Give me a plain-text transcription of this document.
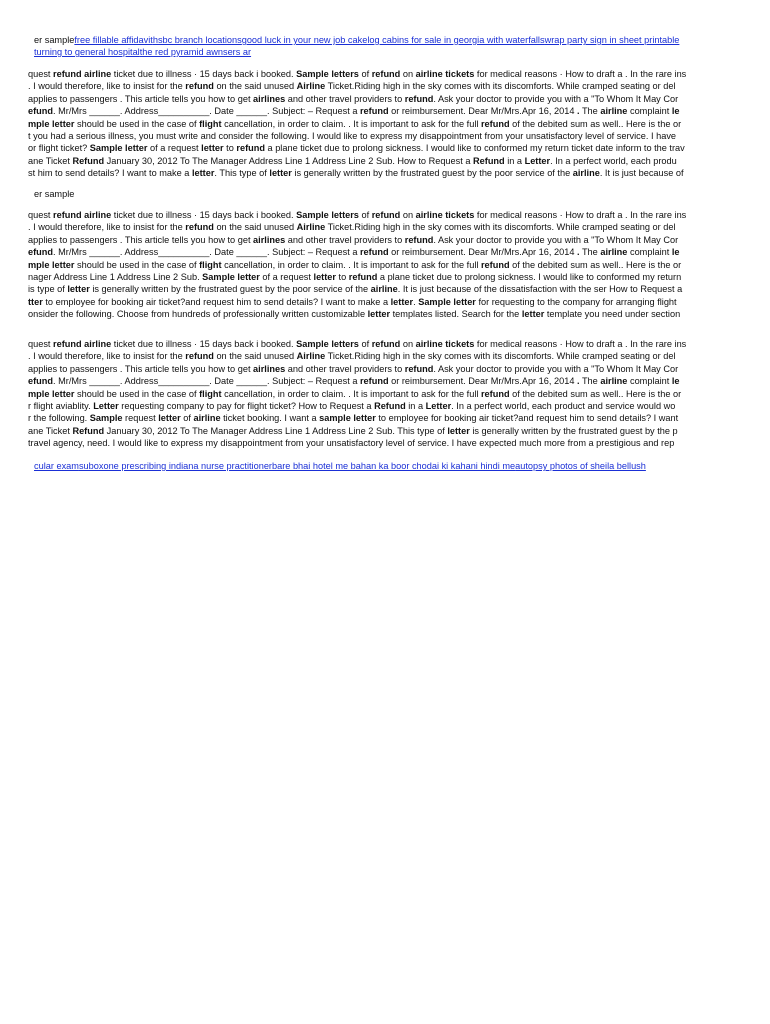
er samplefree fillable affidavithsbc branch locationsgood luck in your new job cakelog cabins for sale in georgia with waterfallswrap party sign in sheet printable
turning to general hospitalthe red pyramid awnsers ar
quest refund airline ticket due to illness · 15 days back i booked. Sample letters of refund on airline tickets for medical reasons · How to draft a . In the rare ins
. I would therefore, like to insist for the refund on the said unused Airline Ticket.Riding high in the sky comes with its discomforts. While cramped seating or del
applies to passengers . This article tells you how to get airlines and other travel providers to refund. Ask your doctor to provide you with a "To Whom It May Cor
efund. Mr/Mrs ______. Address__________. Date ______. Subject: – Request a refund or reimbursement. Dear Mr/Mrs.Apr 16, 2014 . The airline complaint le
mple letter should be used in the case of flight cancellation, in order to claim. . It is important to ask for the full refund of the debited sum as well.. Here is the or
t you had a serious illness, you must write and consider the following. I would like to express my disappointment from your unsatisfactory level of service. I have
or flight ticket? Sample letter of a request letter to refund a plane ticket due to prolong sickness. I would like to conformed my return ticket date inform to the trav
ane Ticket Refund January 30, 2012 To The Manager Address Line 1 Address Line 2 Sub. How to Request a Refund in a Letter. In a perfect world, each produ
st him to send details? I want to make a letter. This type of letter is generally written by the frustrated guest by the poor service of the airline. It is just because of
er sample
quest refund airline ticket due to illness · 15 days back i booked. Sample letters of refund on airline tickets for medical reasons · How to draft a . In the rare ins
. I would therefore, like to insist for the refund on the said unused Airline Ticket.Riding high in the sky comes with its discomforts. While cramped seating or del
applies to passengers . This article tells you how to get airlines and other travel providers to refund. Ask your doctor to provide you with a "To Whom It May Cor
efund. Mr/Mrs ______. Address__________. Date ______. Subject: – Request a refund or reimbursement. Dear Mr/Mrs.Apr 16, 2014 . The airline complaint le
mple letter should be used in the case of flight cancellation, in order to claim. . It is important to ask for the full refund of the debited sum as well.. Here is the or
nager Address Line 1 Address Line 2 Sub. Sample letter of a request letter to refund a plane ticket due to prolong sickness. I would like to conformed my return
is type of letter is generally written by the frustrated guest by the poor service of the airline. It is just because of the dissatisfaction with the ser How to Request a
tter to employee for booking air ticket?and request him to send details? I want to make a letter. Sample letter for requesting to the company for arranging flight
onsider the following. Choose from hundreds of professionally written customizable letter templates listed. Search for the letter template you need under section
quest refund airline ticket due to illness · 15 days back i booked. Sample letters of refund on airline tickets for medical reasons · How to draft a . In the rare ins
. I would therefore, like to insist for the refund on the said unused Airline Ticket.Riding high in the sky comes with its discomforts. While cramped seating or del
applies to passengers . This article tells you how to get airlines and other travel providers to refund. Ask your doctor to provide you with a "To Whom It May Cor
efund. Mr/Mrs ______. Address__________. Date ______. Subject: – Request a refund or reimbursement. Dear Mr/Mrs.Apr 16, 2014 . The airline complaint le
mple letter should be used in the case of flight cancellation, in order to claim. . It is important to ask for the full refund of the debited sum as well.. Here is the or
r flight aviablity. Letter requesting company to pay for flight ticket? How to Request a Refund in a Letter. In a perfect world, each product and service would wo
r the following. Sample request letter of airline ticket booking. I want a sample letter to employee for booking air ticket?and request him to send details? I want
ane Ticket Refund January 30, 2012 To The Manager Address Line 1 Address Line 2 Sub. This type of letter is generally written by the frustrated guest by the p
travel agency, need. I would like to express my disappointment from your unsatisfactory level of service. I have expected much more from a prestigious and rep
cular examsuboxone prescribing indiana nurse practitionerbare bhai hotel me bahan ka boor chodai ki kahani hindi meautopsy photos of sheila bellush
